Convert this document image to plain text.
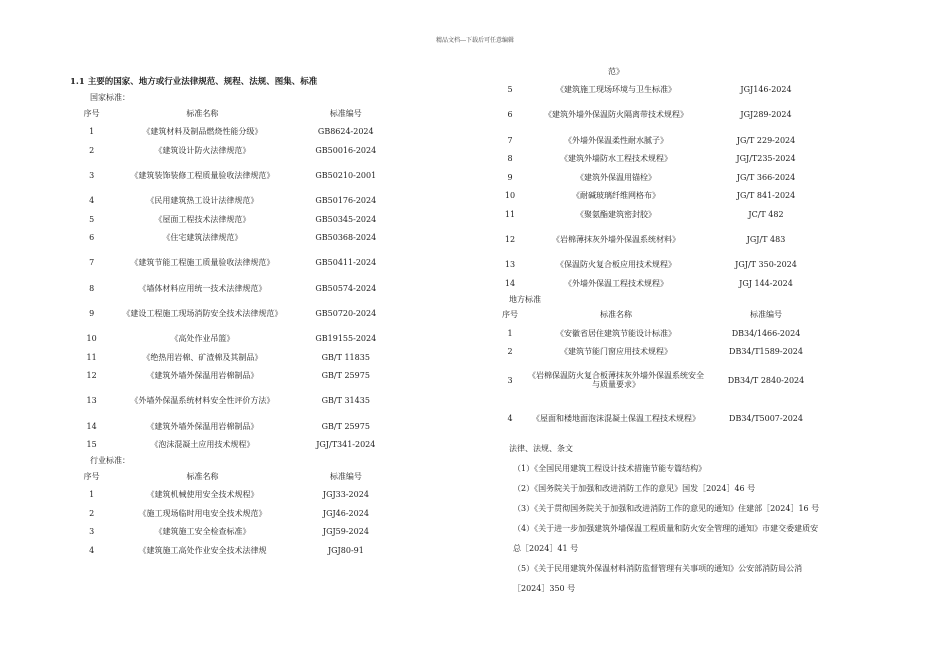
精品文档---下载后可任意编辑
1.1 主要的国家、地方或行业法律规范、规程、法规、图集、标准
国家标准：
序号	标准名称	标准编号
1	《建筑材料及制品燃烧性能分级》	GB8624-2024
2	《建筑设计防火法律规范》	GB50016-2024
3	《建筑装饰装修工程质量验收法律规范》	GB50210-2001
4	《民用建筑热工设计法律规范》	GB50176-2024
5	《屋面工程技术法律规范》	GB50345-2024
6	《住宅建筑法律规范》	GB50368-2024
7	《建筑节能工程施工质量验收法律规范》	GB50411-2024
8	《墙体材料应用统一技术法律规范》	GB50574-2024
9	《建设工程施工现场消防安全技术法律规范》	GB50720-2024
10	《高处作业吊篮》	GB19155-2024
11	《绝热用岩棉、矿渣棉及其制品》	GB/T 11835
12	《建筑外墙外保温用岩棉制品》	GB/T 25975
13	《外墙外保温系统材料安全性评价方法》	GB/T 31435
14	《建筑外墙外保温用岩棉制品》	GB/T 25975
15	《泡沫混凝土应用技术规程》	JGJ/T341-2024
行业标准：
序号	标准名称	标准编号
1	《建筑机械使用安全技术规程》	JGJ33-2024
2	《施工现场临时用电安全技术规范》	JGJ46-2024
3	《建筑施工安全检查标准》	JGJ59-2024
4	《建筑施工高处作业安全技术法律规	JGJ80-91
	范》	
5	《建筑施工现场环境与卫生标准》	JGJ146-2024
6	《建筑外墙外保温防火隔离带技术规程》	JGJ289-2024
7	《外墙外保温柔性耐水腻子》	JG/T 229-2024
8	《建筑外墙防水工程技术规程》	JGJ/T235-2024
9	《建筑外保温用锚栓》	JG/T 366-2024
10	《耐碱玻璃纤维网格布》	JG/T 841-2024
11	《聚氨酯建筑密封胶》	JC/T 482
12	《岩棉薄抹灰外墙外保温系统材料》	JGJ/T 483
13	《保温防火复合板应用技术规程》	JGJ/T 350-2024
14	《外墙外保温工程技术规程》	JGJ 144-2024
地方标准
序号	标准名称	标准编号
1	《安徽省居住建筑节能设计标准》	DB34/1466-2024
2	《建筑节能门窗应用技术规程》	DB34/T1589-2024
3	《岩棉保温防火复合板薄抹灰外墙外保温系统安全与质量要求》	DB34/T 2840-2024
4	《屋面和楼地面泡沫混凝土保温工程技术规程》	DB34/T5007-2024

法律、法规、条文

（1）《全国民用建筑工程设计技术措施节能专篇结构》

（2）《国务院关于加强和改进消防工作的意见》国发［2024］46 号

（3）《关于贯彻国务院关于加强和改进消防工作的意见的通知》住建部［2024］16 号

（4）《关于进一步加强建筑外墙保温工程质量和防火安全管理的通知》市建交委建质安总［2024］41 号

（5）《关于民用建筑外保温材料消防监督管理有关事项的通知》公安部消防局公消［2024］350 号
